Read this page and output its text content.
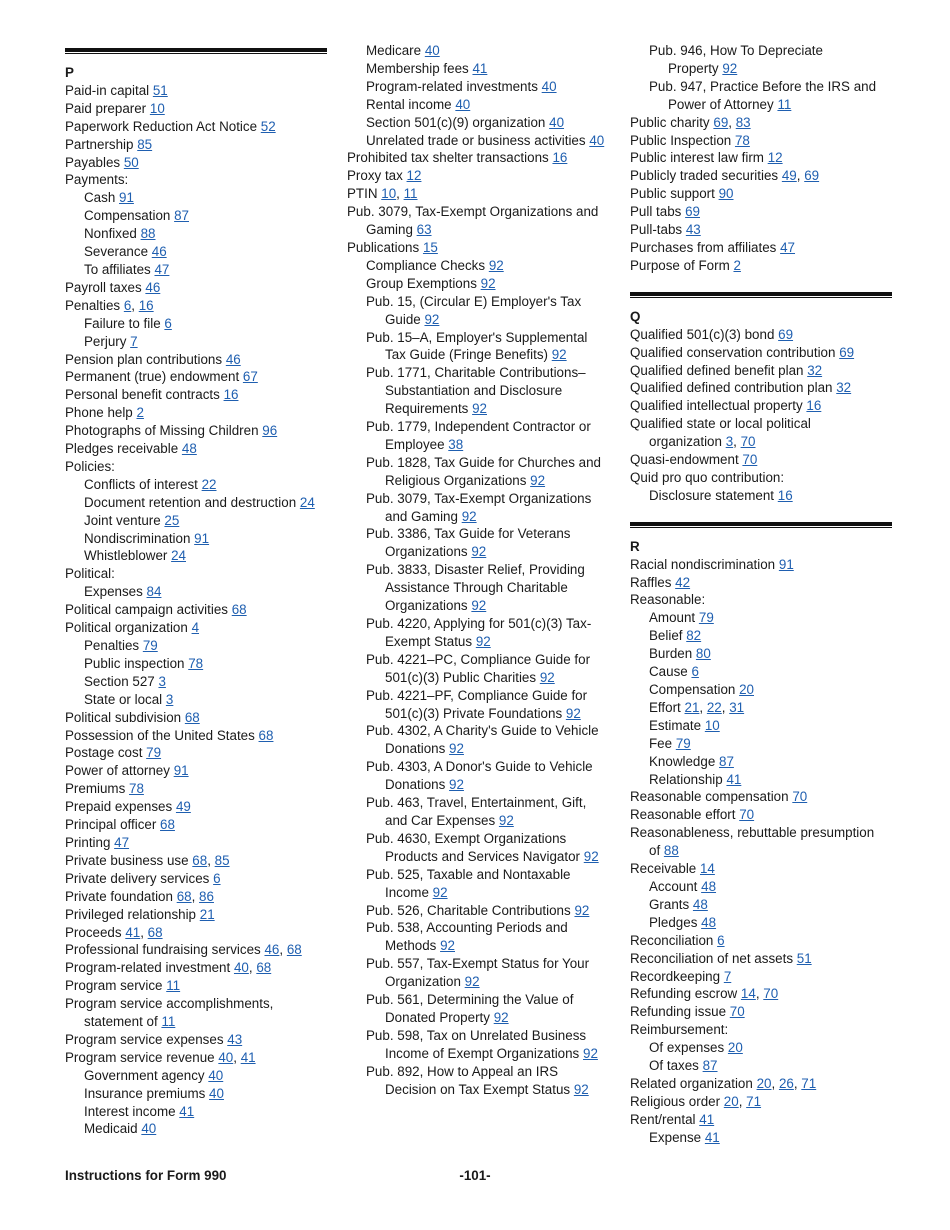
P
Paid-in capital 51
Paid preparer 10
Paperwork Reduction Act Notice 52
Partnership 85
Payables 50
Payments:
Cash 91
Compensation 87
Nonfixed 88
Severance 46
To affiliates 47
Payroll taxes 46
Penalties 6, 16
Failure to file 6
Perjury 7
Pension plan contributions 46
Permanent (true) endowment 67
Personal benefit contracts 16
Phone help 2
Photographs of Missing Children 96
Pledges receivable 48
Policies:
Conflicts of interest 22
Document retention and destruction 24
Joint venture 25
Nondiscrimination 91
Whistleblower 24
Political:
Expenses 84
Political campaign activities 68
Political organization 4
Penalties 79
Public inspection 78
Section 527 3
State or local 3
Political subdivision 68
Possession of the United States 68
Postage cost 79
Power of attorney 91
Premiums 78
Prepaid expenses 49
Principal officer 68
Printing 47
Private business use 68, 85
Private delivery services 6
Private foundation 68, 86
Privileged relationship 21
Proceeds 41, 68
Professional fundraising services 46, 68
Program-related investment 40, 68
Program service 11
Program service accomplishments, statement of 11
Program service expenses 43
Program service revenue 40, 41
Government agency 40
Insurance premiums 40
Interest income 41
Medicaid 40
Medicare 40
Membership fees 41
Program-related investments 40
Rental income 40
Section 501(c)(9) organization 40
Unrelated trade or business activities 40
Prohibited tax shelter transactions 16
Proxy tax 12
PTIN 10, 11
Pub. 3079, Tax-Exempt Organizations and Gaming 63
Publications 15
Compliance Checks 92
Group Exemptions 92
Pub. 15, (Circular E) Employer's Tax Guide 92
Pub. 15–A, Employer's Supplemental Tax Guide (Fringe Benefits) 92
Pub. 1771, Charitable Contributions– Substantiation and Disclosure Requirements 92
Pub. 1779, Independent Contractor or Employee 38
Pub. 1828, Tax Guide for Churches and Religious Organizations 92
Pub. 3079, Tax-Exempt Organizations and Gaming 92
Pub. 3386, Tax Guide for Veterans Organizations 92
Pub. 3833, Disaster Relief, Providing Assistance Through Charitable Organizations 92
Pub. 4220, Applying for 501(c)(3) Tax-Exempt Status 92
Pub. 4221–PC, Compliance Guide for 501(c)(3) Public Charities 92
Pub. 4221–PF, Compliance Guide for 501(c)(3) Private Foundations 92
Pub. 4302, A Charity's Guide to Vehicle Donations 92
Pub. 4303, A Donor's Guide to Vehicle Donations 92
Pub. 463, Travel, Entertainment, Gift, and Car Expenses 92
Pub. 4630, Exempt Organizations Products and Services Navigator 92
Pub. 525, Taxable and Nontaxable Income 92
Pub. 526, Charitable Contributions 92
Pub. 538, Accounting Periods and Methods 92
Pub. 557, Tax-Exempt Status for Your Organization 92
Pub. 561, Determining the Value of Donated Property 92
Pub. 598, Tax on Unrelated Business Income of Exempt Organizations 92
Pub. 892, How to Appeal an IRS Decision on Tax Exempt Status 92
Pub. 946, How To Depreciate Property 92
Pub. 947, Practice Before the IRS and Power of Attorney 11
Public charity 69, 83
Public Inspection 78
Public interest law firm 12
Publicly traded securities 49, 69
Public support 90
Pull tabs 69
Pull-tabs 43
Purchases from affiliates 47
Purpose of Form 2
Q
Qualified 501(c)(3) bond 69
Qualified conservation contribution 69
Qualified defined benefit plan 32
Qualified defined contribution plan 32
Qualified intellectual property 16
Qualified state or local political organization 3, 70
Quasi-endowment 70
Quid pro quo contribution:
Disclosure statement 16
R
Racial nondiscrimination 91
Raffles 42
Reasonable:
Amount 79
Belief 82
Burden 80
Cause 6
Compensation 20
Effort 21, 22, 31
Estimate 10
Fee 79
Knowledge 87
Relationship 41
Reasonable compensation 70
Reasonable effort 70
Reasonableness, rebuttable presumption of 88
Receivable 14
Account 48
Grants 48
Pledges 48
Reconciliation 6
Reconciliation of net assets 51
Recordkeeping 7
Refunding escrow 14, 70
Refunding issue 70
Reimbursement:
Of expenses 20
Of taxes 87
Related organization 20, 26, 71
Religious order 20, 71
Rent/rental 41
Expense 41
Instructions for Form 990	-101-
